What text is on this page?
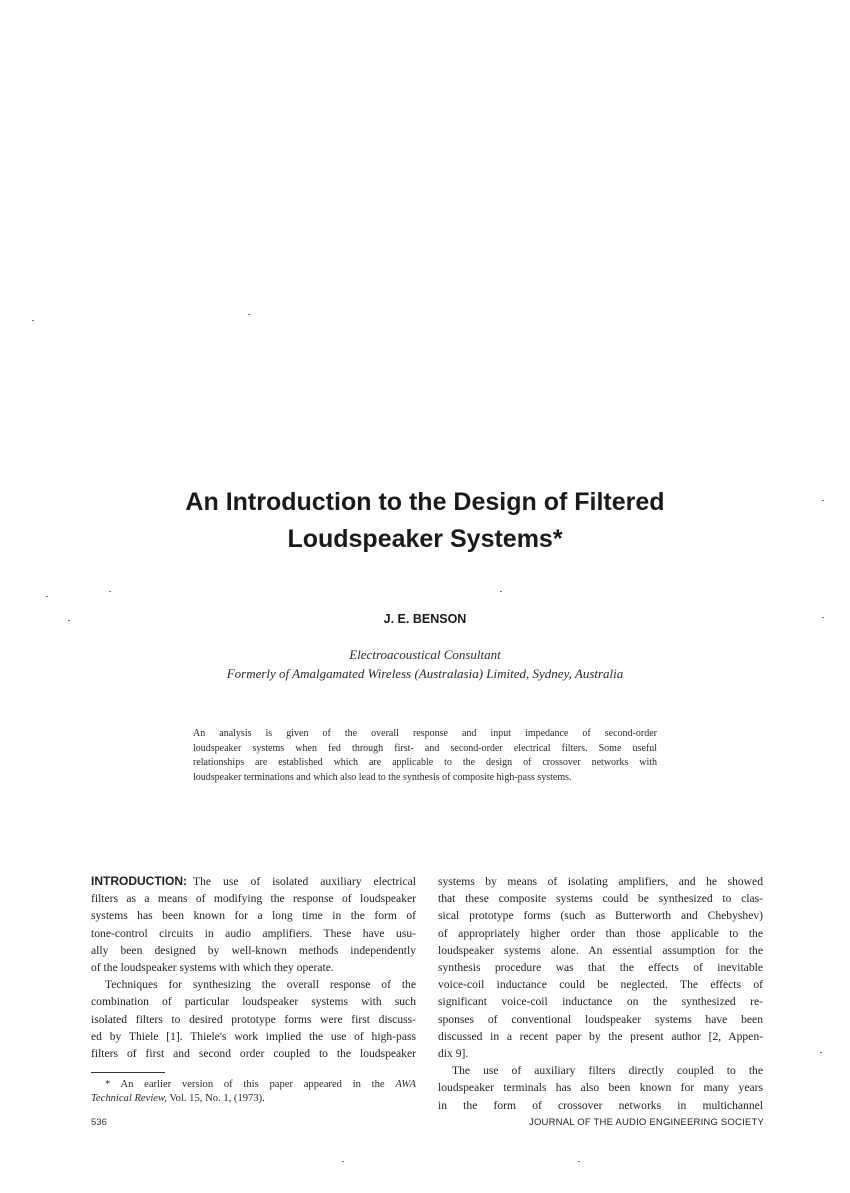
An Introduction to the Design of Filtered
Loudspeaker Systems*
J. E. BENSON
Electroacoustical Consultant
Formerly of Amalgamated Wireless (Australasia) Limited, Sydney, Australia
An analysis is given of the overall response and input impedance of second-order
loudspeaker systems when fed through first- and second-order electrical filters. Some useful
relationships are established which are applicable to the design of crossover networks with
loudspeaker terminations and which also lead to the synthesis of composite high-pass systems.
INTRODUCTION: The use of isolated auxiliary electrical
filters as a means of modifying the response of loudspeaker
systems has been known for a long time in the form of
tone-control circuits in audio amplifiers. These have usu-
ally been designed by well-known methods independently
of the loudspeaker systems with which they operate.
Techniques for synthesizing the overall response of the
combination of particular loudspeaker systems with such
isolated filters to desired prototype forms were first discuss-
ed by Thiele [1]. Thiele's work implied the use of high-pass
filters of first and second order coupled to the loudspeaker
systems by means of isolating amplifiers, and he showed
that these composite systems could be synthesized to clas-
sical prototype forms (such as Butterworth and Chebyshev)
of appropriately higher order than those applicable to the
loudspeaker systems alone. An essential assumption for the
synthesis procedure was that the effects of inevitable
voice-coil inductance could be neglected. The effects of
significant voice-coil inductance on the synthesized re-
sponses of conventional loudspeaker systems have been
discussed in a recent paper by the present author [2, Appen-
dix 9].
The use of auxiliary filters directly coupled to the
loudspeaker terminals has also been known for many years
in the form of crossover networks in multichannel
* An earlier version of this paper appeared in the AWA
Technical Review, Vol. 15, No. 1, (1973).
536	JOURNAL OF THE AUDIO ENGINEERING SOCIETY
